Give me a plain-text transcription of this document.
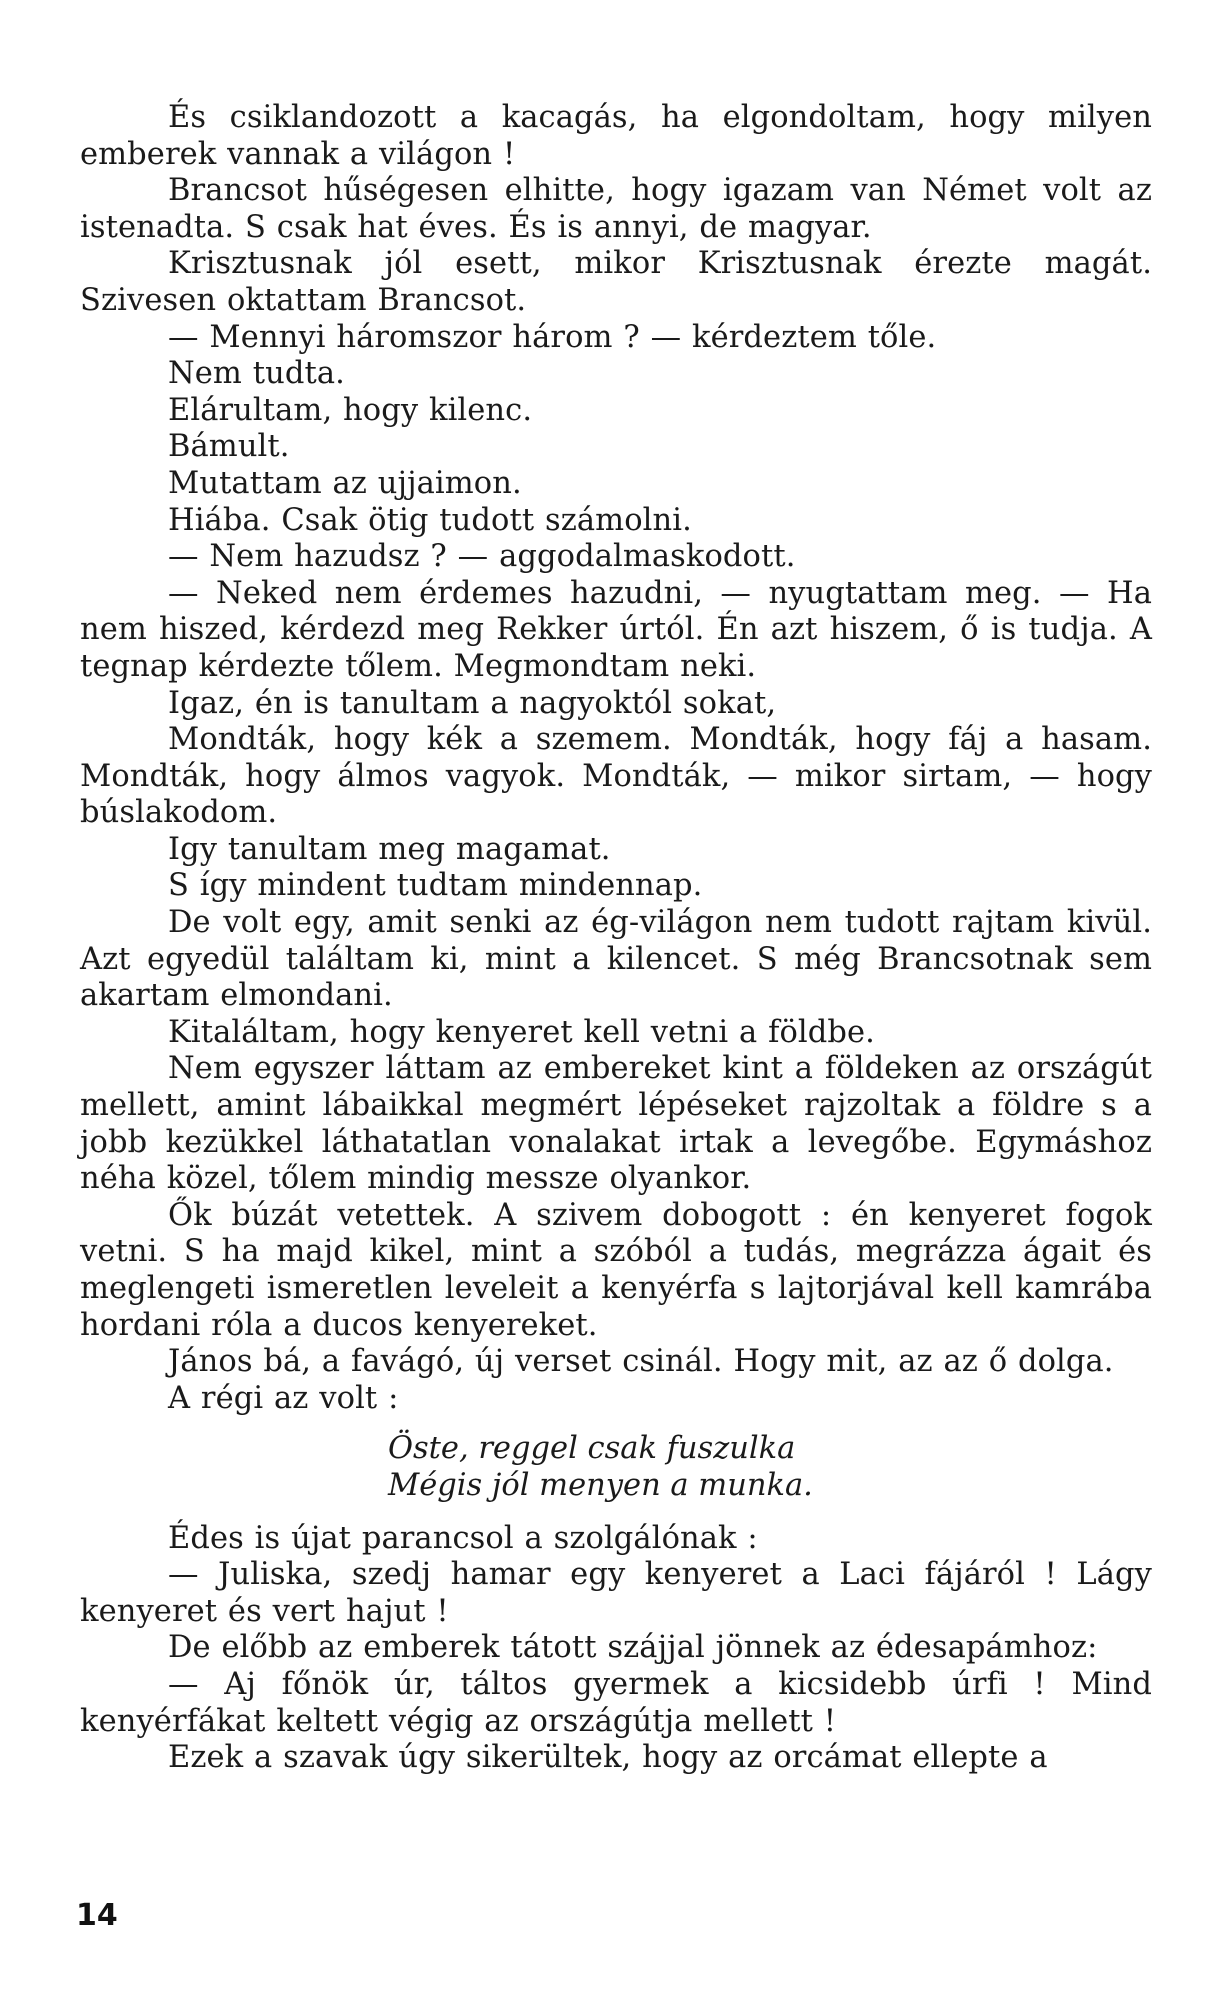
És csiklandozott a kacagás, ha elgondoltam, hogy milyen emberek vannak a világon !

Brancsot hűségesen elhitte, hogy igazam van Német volt az istenadta. S csak hat éves. És is annyi, de magyar.

Krisztusnak jól esett, mikor Krisztusnak érezte magát. Szivesen oktattam Brancsot.

— Mennyi háromszor három ? — kérdeztem tőle.

Nem tudta.

Elárultam, hogy kilenc.

Bámult.

Mutattam az ujjaimon.

Hiába. Csak ötig tudott számolni.

— Nem hazudsz ? — aggodalmaskodott.

— Neked nem érdemes hazudni, — nyugtattam meg. — Ha nem hiszed, kérdezd meg Rekker úrtól. Én azt hiszem, ő is tudja. A tegnap kérdezte tőlem. Megmondtam neki.

Igaz, én is tanultam a nagyoktól sokat,

Mondták, hogy kék a szemem. Mondták, hogy fáj a hasam. Mondták, hogy álmos vagyok. Mondták, — mikor sirtam, — hogy búslakodom.

Igy tanultam meg magamat.

S így mindent tudtam mindennap.

De volt egy, amit senki az ég-világon nem tudott rajtam kivül. Azt egyedül találtam ki, mint a kilencet. S még Brancsotnak sem akartam elmondani.

Kitaláltam, hogy kenyeret kell vetni a földbe.

Nem egyszer láttam az embereket kint a földeken az országút mellett, amint lábaikkal megmért lépéseket rajzoltak a földre s a jobb kezükkel láthatatlan vonalakat irtak a levegőbe. Egymáshoz néha közel, tőlem mindig messze olyankor.

Ők búzát vetettek. A szivem dobogott : én kenyeret fogok vetni. S ha majd kikel, mint a szóból a tudás, megrázza ágait és meglengeti ismeretlen leveleit a kenyérfa s lajtorjával kell kamrába hordani róla a ducos kenyereket.

János bá, a favágó, új verset csinál. Hogy mit, az az ő dolga.

A régi az volt :

Öste, reggel csak fuszulka
Mégis jól menyen a munka.

Édes is újat parancsol a szolgálónak :

— Juliska, szedj hamar egy kenyeret a Laci fájáról ! Lágy kenyeret és vert hajut !

De előbb az emberek tátott szájjal jönnek az édesapámhoz:

— Aj főnök úr, táltos gyermek a kicsidebb úrfi ! Mind kenyérfákat keltett végig az országútja mellett !

Ezek a szavak úgy sikerültek, hogy az orcámat ellepte a

14
